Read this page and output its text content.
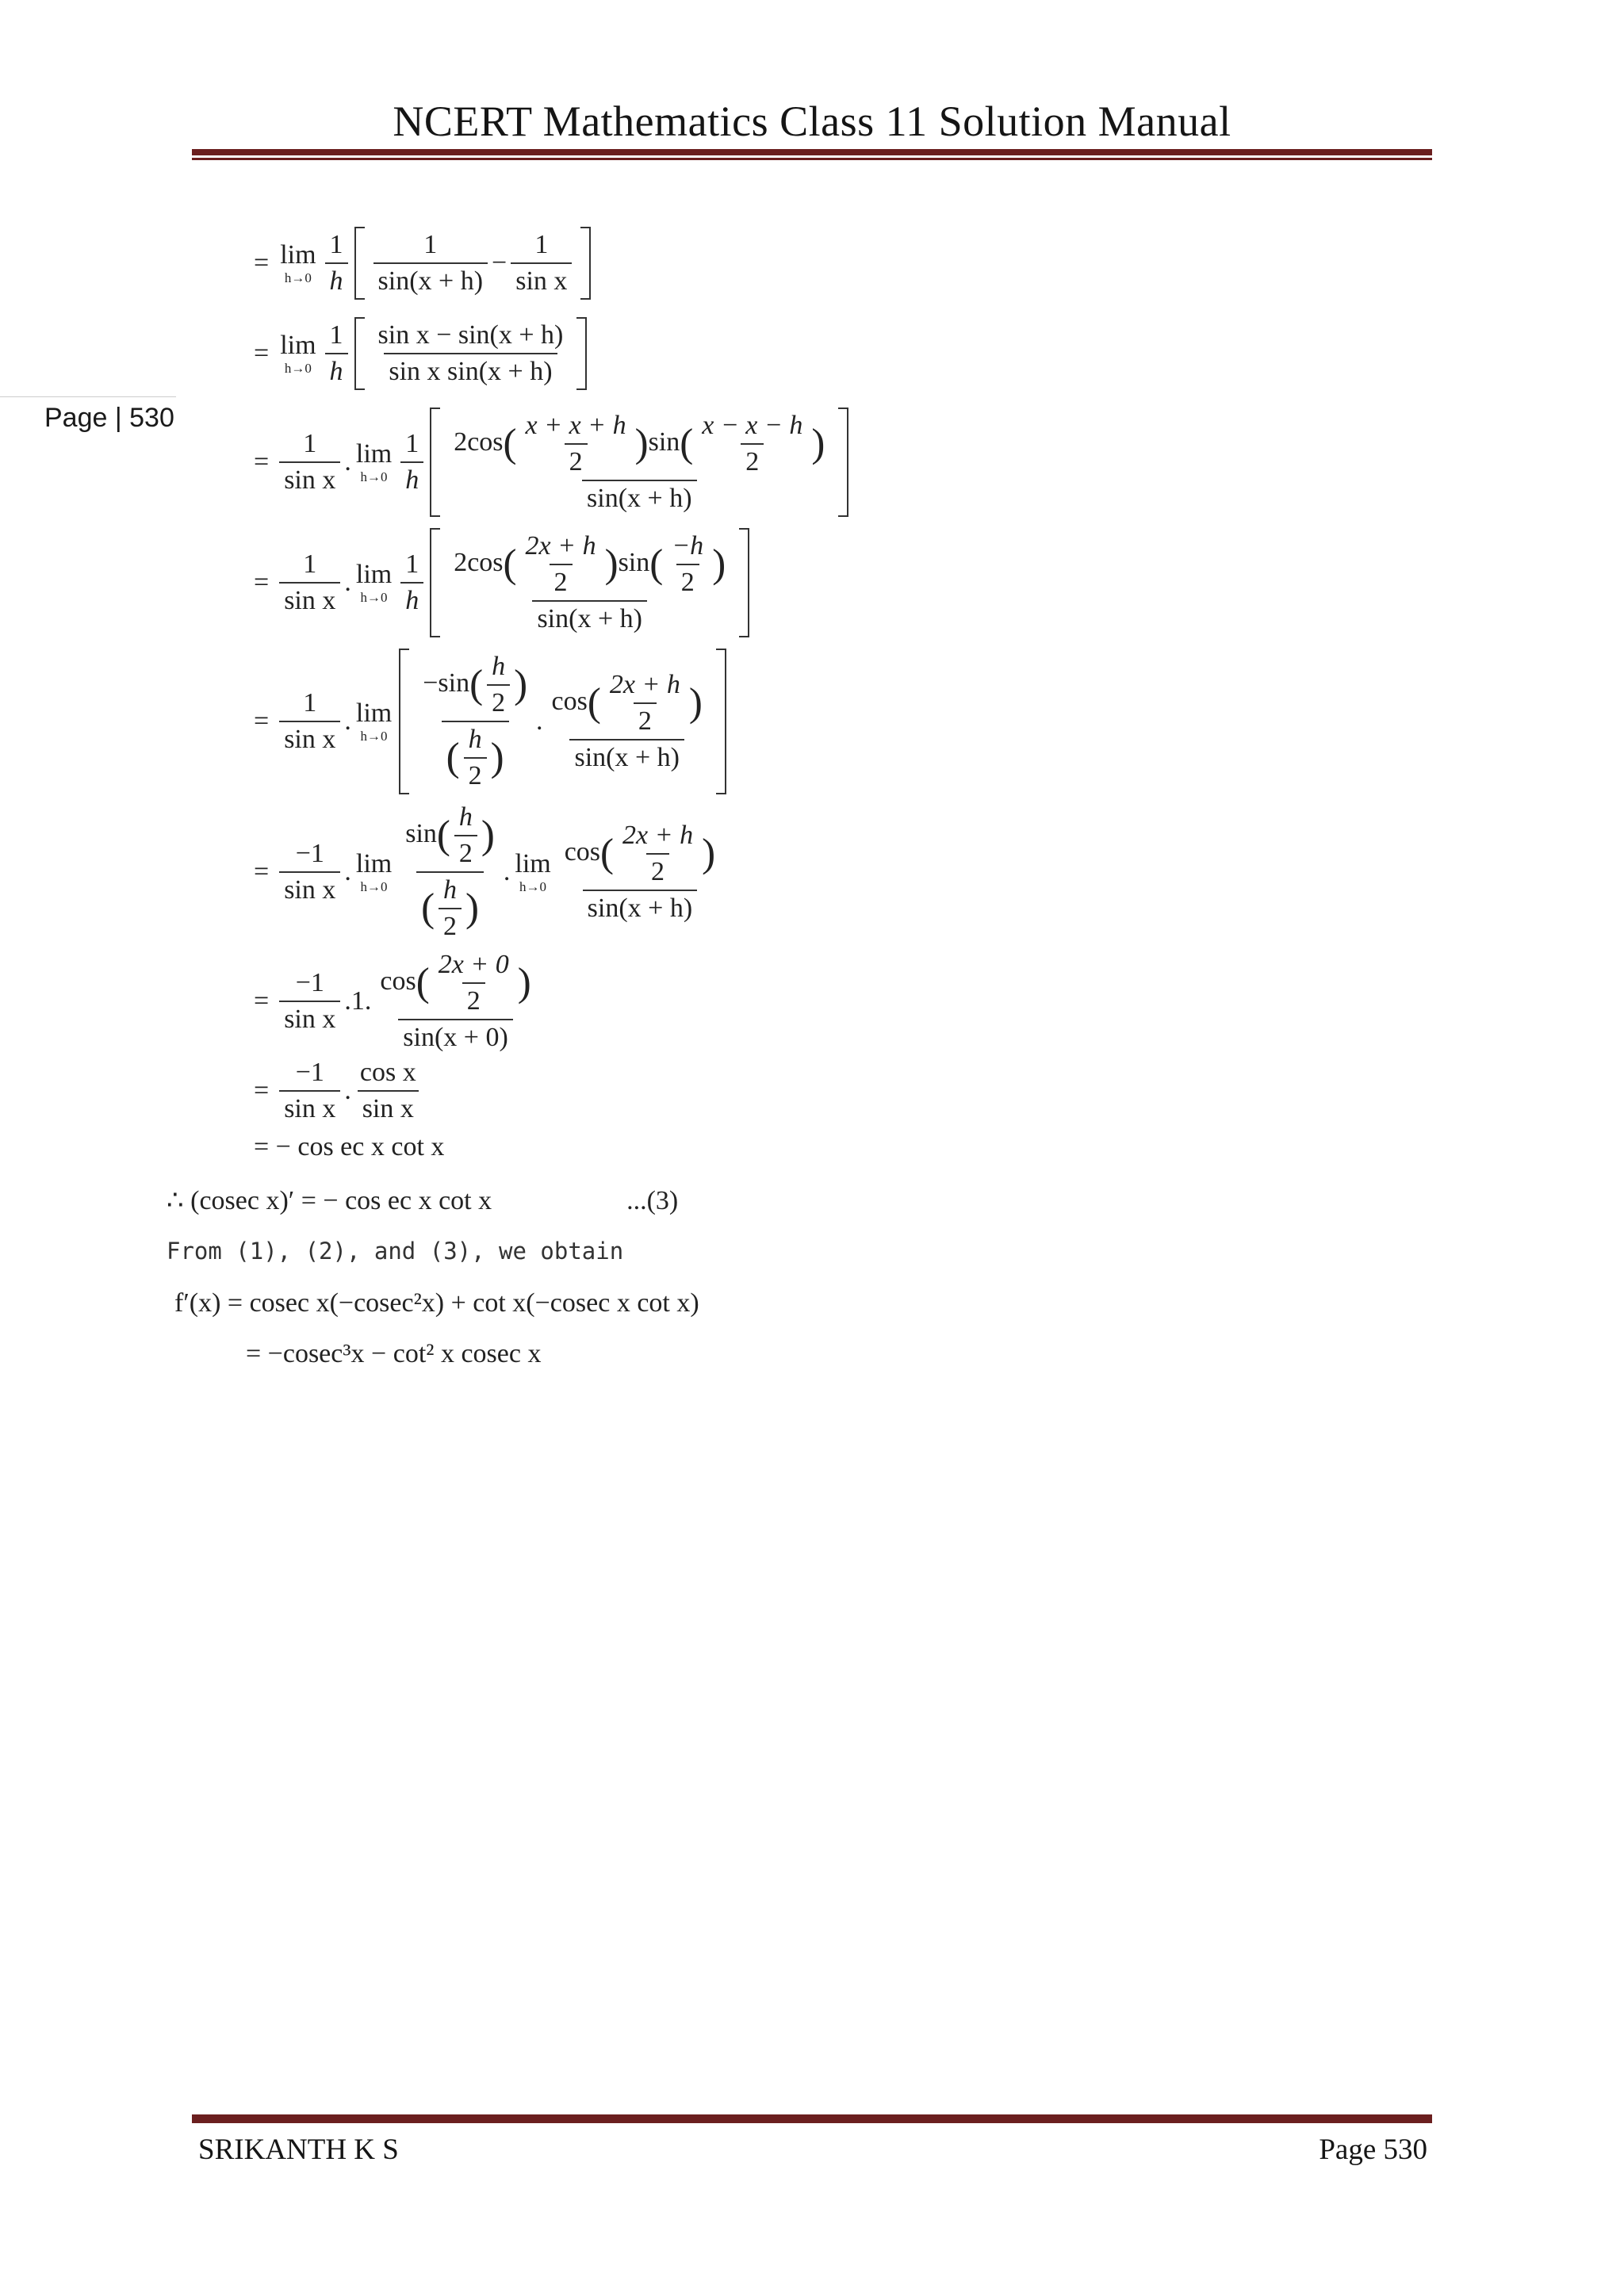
NCERT Mathematics Class 11 Solution Manual
Page | 530
= lim
$h\to 0 \frac{1}{h} \frac{1}{\sin(x + h)} - \frac{1}{\text{sin x}}$
= lim
$h\to 0 \frac{1}{h} \frac{\text{sin x − sin(x + h)}}{\text{sin x sin(x + h)}}$
= $\frac{1}{\text{sin x}}$ . lim
$h\to 0 \frac{1}{h} \frac{2\cos( \frac{x + x + h}{2} )\sin( \frac{x - x - h}{2} )}{\sin(x + h)}$
= $\frac{1}{\text{sin x}}$ . lim
$h\to 0 \frac{1}{h} \frac{2\cos( \frac{2x + h}{2} )\sin( \frac{-h}{2} )}{\sin(x + h)}$
= $\frac{1}{\text{sin x}}$ . lim
$h\to 0 \frac{-\sin( \frac{h}{2} )}{( \frac{h}{2} )}$ . $\frac{\cos( \frac{2x + h}{2} )}{\sin(x + h)}$
= $\frac{-1}{\text{sin x}}$ . lim
$h\to 0 \frac{\sin( \frac{h}{2} )}{( \frac{h}{2} )}$ . lim
$h\to 0 \frac{\cos( \frac{2x + h}{2} )}{\sin(x + h)}$
= $\frac{-1}{\text{sin x}}$ . 1 . $\frac{\cos( \frac{2x + 0}{2} )}{\sin(x + 0)}$
= $\frac{-1}{\text{sin x}}$ . $\frac{\text{cos x}}{\text{sin x}}$
= − cos ec x cot x
∴ (cosec x)′ = − cos ec x cot x	...(3)
From (1), (2), and (3), we obtain
f′(x) = cosec x(−cosec²x) + cot x(−cosec x cot x)
= −cosec³x − cot² x cosec x
SRIKANTH K S	Page 530
